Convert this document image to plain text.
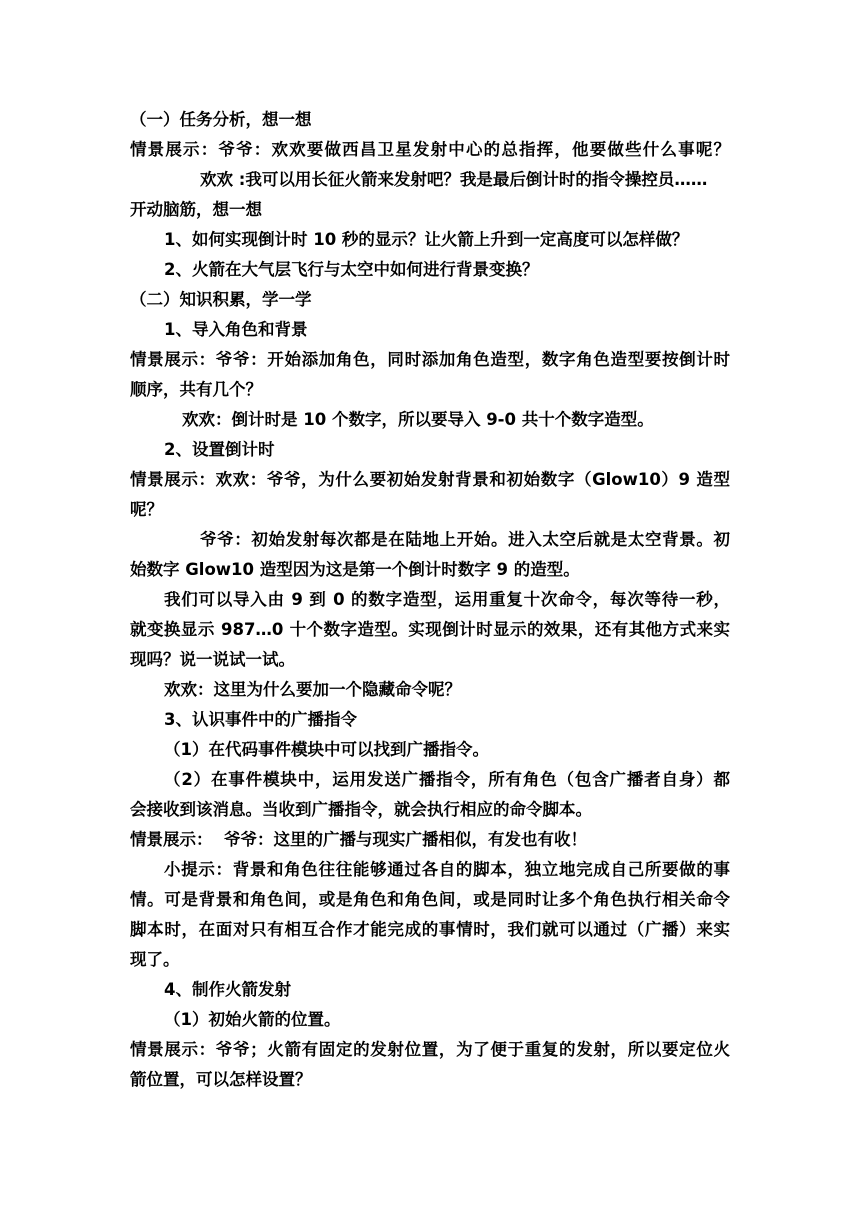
（一）任务分析，想一想
情景展示：爷爷：欢欢要做西昌卫星发射中心的总指挥，他要做些什么事呢？
欢欢 :我可以用长征火箭来发射吧？我是最后倒计时的指令操控员……
开动脑筋，想一想
1、如何实现倒计时 10 秒的显示？让火箭上升到一定高度可以怎样做？
2、火箭在大气层飞行与太空中如何进行背景变换？
（二）知识积累，学一学
1、导入角色和背景
情景展示：爷爷：开始添加角色，同时添加角色造型，数字角色造型要按倒计时
顺序，共有几个？
欢欢：倒计时是 10 个数字，所以要导入 9-0 共十个数字造型。
2、设置倒计时
情景展示：欢欢：爷爷，为什么要初始发射背景和初始数字（Glow10）9 造型
呢？
爷爷：初始发射每次都是在陆地上开始。进入太空后就是太空背景。初
始数字 Glow10 造型因为这是第一个倒计时数字 9 的造型。
我们可以导入由 9 到 0 的数字造型，运用重复十次命令，每次等待一秒，
就变换显示 987…0 十个数字造型。实现倒计时显示的效果，还有其他方式来实
现吗？说一说试一试。
欢欢：这里为什么要加一个隐藏命令呢？
3、认识事件中的广播指令
（1）在代码事件模块中可以找到广播指令。
（2）在事件模块中，运用发送广播指令，所有角色（包含广播者自身）都
会接收到该消息。当收到广播指令，就会执行相应的命令脚本。
情景展示：  爷爷：这里的广播与现实广播相似，有发也有收！
小提示：背景和角色往往能够通过各自的脚本，独立地完成自己所要做的事
情。可是背景和角色间，或是角色和角色间，或是同时让多个角色执行相关命令
脚本时，在面对只有相互合作才能完成的事情时，我们就可以通过（广播）来实
现了。
4、制作火箭发射
（1）初始火箭的位置。
情景展示：爷爷；火箭有固定的发射位置，为了便于重复的发射，所以要定位火
箭位置，可以怎样设置？
